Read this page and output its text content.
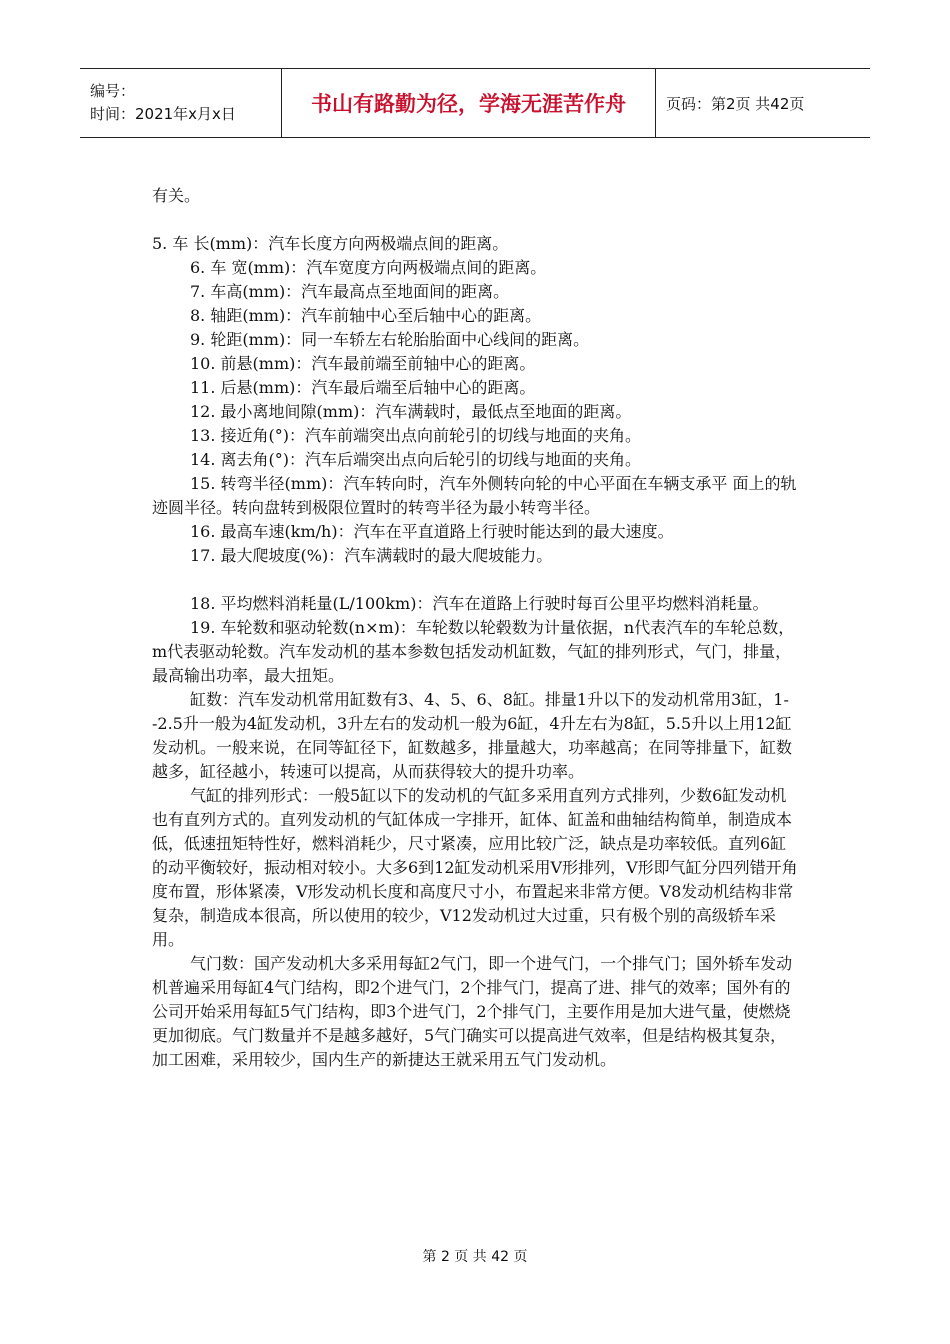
编号：
时间：2021年x月x日	书山有路勤为径，学海无涯苦作舟	页码：第2页 共42页

有关。

5. 车 长(mm)：汽车长度方向两极端点间的距离。

6. 车 宽(mm)：汽车宽度方向两极端点间的距离。

7. 车高(mm)：汽车最高点至地面间的距离。

8. 轴距(mm)：汽车前轴中心至后轴中心的距离。

9. 轮距(mm)：同一车轿左右轮胎胎面中心线间的距离。

10. 前悬(mm)：汽车最前端至前轴中心的距离。

11. 后悬(mm)：汽车最后端至后轴中心的距离。

12. 最小离地间隙(mm)：汽车满载时，最低点至地面的距离。

13. 接近角(°)：汽车前端突出点向前轮引的切线与地面的夹角。

14. 离去角(°)：汽车后端突出点向后轮引的切线与地面的夹角。

15. 转弯半径(mm)：汽车转向时，汽车外侧转向轮的中心平面在车辆支承平 面上的轨迹圆半径。转向盘转到极限位置时的转弯半径为最小转弯半径。

16. 最高车速(km/h)：汽车在平直道路上行驶时能达到的最大速度。

17. 最大爬坡度(%)：汽车满载时的最大爬坡能力。

18. 平均燃料消耗量(L/100km)：汽车在道路上行驶时每百公里平均燃料消耗量。

19. 车轮数和驱动轮数(n×m)：车轮数以轮毂数为计量依据，n代表汽车的车轮总数，m代表驱动轮数。汽车发动机的基本参数包括发动机缸数，气缸的排列形式，气门，排量，最高输出功率，最大扭矩。

缸数：汽车发动机常用缸数有3、4、5、6、8缸。排量1升以下的发动机常用3缸，1--2.5升一般为4缸发动机，3升左右的发动机一般为6缸，4升左右为8缸，5.5升以上用12缸发动机。一般来说，在同等缸径下，缸数越多，排量越大，功率越高；在同等排量下，缸数越多，缸径越小，转速可以提高，从而获得较大的提升功率。

气缸的排列形式：一般5缸以下的发动机的气缸多采用直列方式排列，少数6缸发动机也有直列方式的。直列发动机的气缸体成一字排开，缸体、缸盖和曲轴结构简单，制造成本低，低速扭矩特性好，燃料消耗少，尺寸紧凑，应用比较广泛，缺点是功率较低。直列6缸的动平衡较好，振动相对较小。大多6到12缸发动机采用V形排列，V形即气缸分四列错开角度布置，形体紧凑，V形发动机长度和高度尺寸小，布置起来非常方便。V8发动机结构非常复杂，制造成本很高，所以使用的较少，V12发动机过大过重，只有极个别的高级轿车采用。

气门数：国产发动机大多采用每缸2气门，即一个进气门，一个排气门；国外轿车发动机普遍采用每缸4气门结构，即2个进气门，2个排气门，提高了进、排气的效率；国外有的公司开始采用每缸5气门结构，即3个进气门，2个排气门，主要作用是加大进气量，使燃烧更加彻底。气门数量并不是越多越好，5气门确实可以提高进气效率，但是结构极其复杂，加工困难，采用较少，国内生产的新捷达王就采用五气门发动机。

第 2 页 共 42 页
